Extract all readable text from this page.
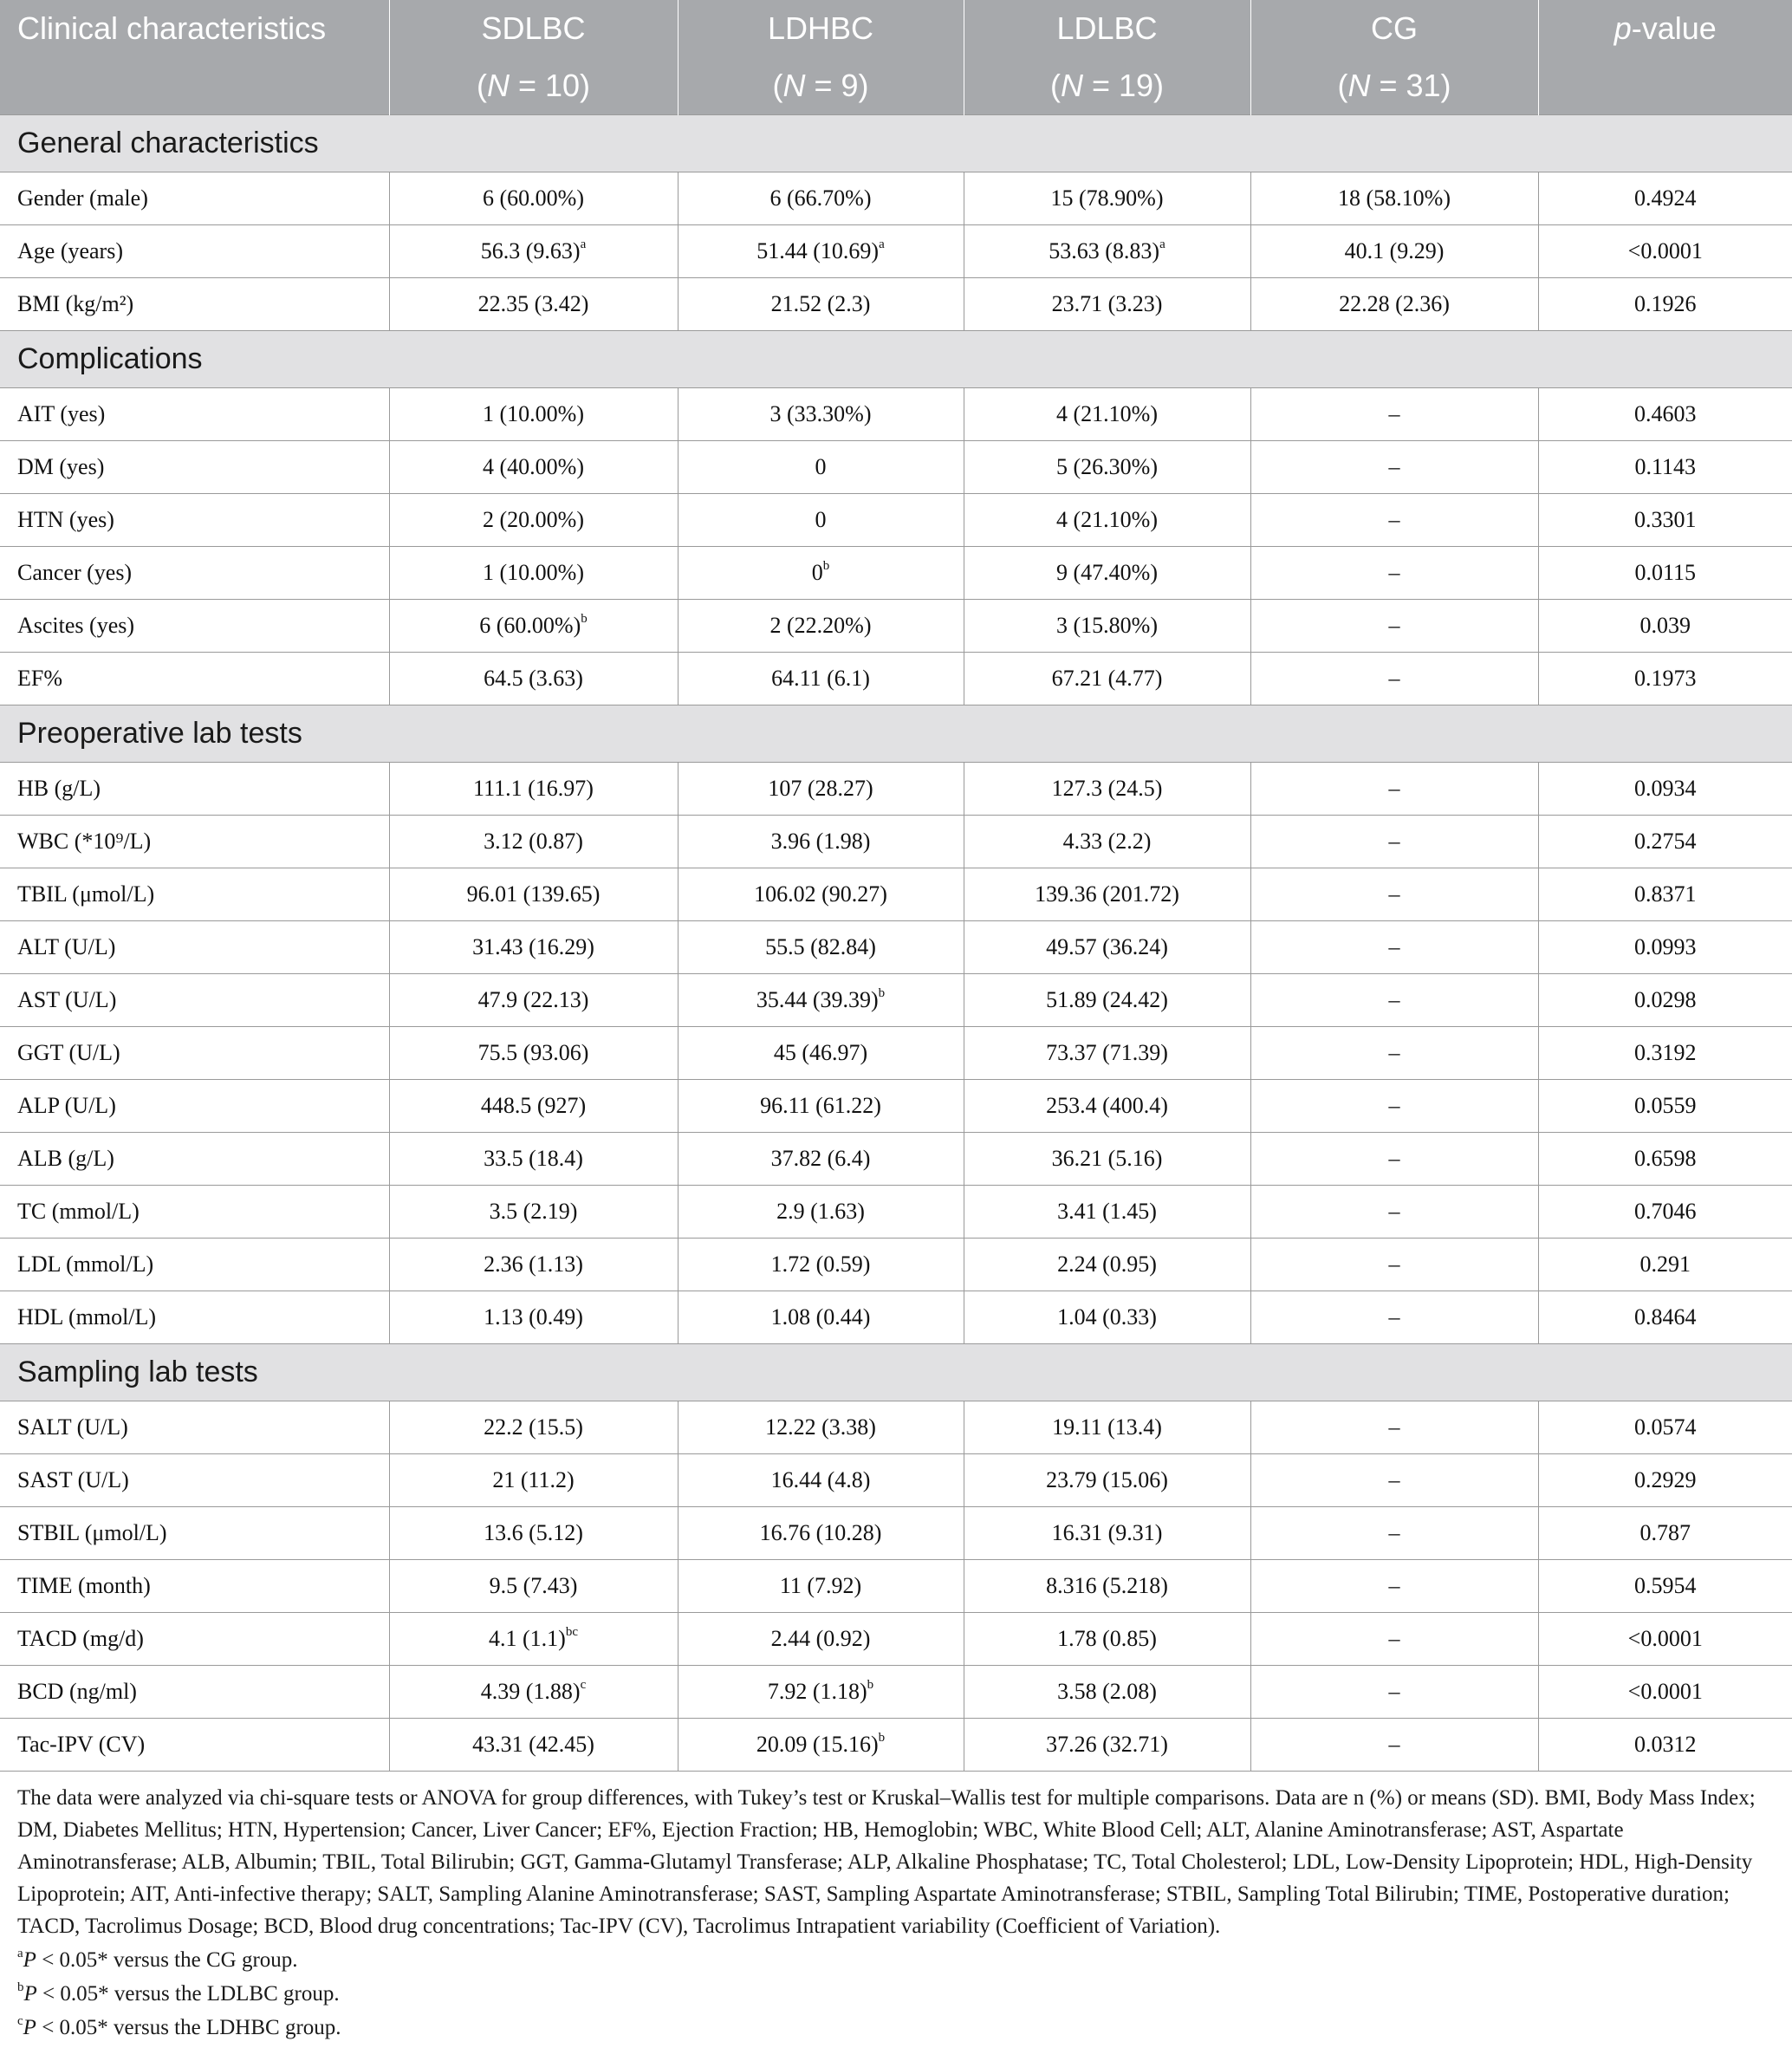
Clinical characteristics	SDLBC	LDHBC	LDLBC	CG	p-value
	(N = 10)	(N = 9)	(N = 19)	(N = 31)	
General characteristics					
Gender (male)	6 (60.00%)	6 (66.70%)	15 (78.90%)	18 (58.10%)	0.4924
Age (years)	56.3 $(9.63)^a$	51.44 $(10.69)^a$	53.63 $(8.83)^a$	40.1 (9.29)	<0.0001
BMI (kg/m²)	22.35 (3.42)	21.52 (2.3)	23.71 (3.23)	22.28 (2.36)	0.1926
Complications					
AIT (yes)	1 (10.00%)	3 (33.30%)	4 (21.10%)	–	0.4603
DM (yes)	4 (40.00%)	0	5 (26.30%)	–	0.1143
HTN (yes)	2 (20.00%)	0	4 (21.10%)	–	0.3301
Cancer (yes)	1 (10.00%)	0$^b$	9 (47.40%)	–	0.0115
Ascites (yes)	6 $(60.00\%)^b$	2 (22.20%)	3 (15.80%)	–	0.039
EF%	64.5 (3.63)	64.11 (6.1)	67.21 (4.77)	–	0.1973
Preoperative lab tests					
HB (g/L)	111.1 (16.97)	107 (28.27)	127.3 (24.5)	–	0.0934
WBC (*10⁹/L)	3.12 (0.87)	3.96 (1.98)	4.33 (2.2)	–	0.2754
TBIL (μmol/L)	96.01 (139.65)	106.02 (90.27)	139.36 (201.72)	–	0.8371
ALT (U/L)	31.43 (16.29)	55.5 (82.84)	49.57 (36.24)	–	0.0993
AST (U/L)	47.9 (22.13)	35.44 $(39.39)^b$	51.89 (24.42)	–	0.0298
GGT (U/L)	75.5 (93.06)	45 (46.97)	73.37 (71.39)	–	0.3192
ALP (U/L)	448.5 (927)	96.11 (61.22)	253.4 (400.4)	–	0.0559
ALB (g/L)	33.5 (18.4)	37.82 (6.4)	36.21 (5.16)	–	0.6598
TC (mmol/L)	3.5 (2.19)	2.9 (1.63)	3.41 (1.45)	–	0.7046
LDL (mmol/L)	2.36 (1.13)	1.72 (0.59)	2.24 (0.95)	–	0.291
HDL (mmol/L)	1.13 (0.49)	1.08 (0.44)	1.04 (0.33)	–	0.8464
Sampling lab tests					
SALT (U/L)	22.2 (15.5)	12.22 (3.38)	19.11 (13.4)	–	0.0574
SAST (U/L)	21 (11.2)	16.44 (4.8)	23.79 (15.06)	–	0.2929
STBIL (μmol/L)	13.6 (5.12)	16.76 (10.28)	16.31 (9.31)	–	0.787
TIME (month)	9.5 (7.43)	11 (7.92)	8.316 (5.218)	–	0.5954
TACD (mg/d)	4.1 $(1.1)^{bc}$	2.44 (0.92)	1.78 (0.85)	–	<0.0001
BCD (ng/ml)	4.39 $(1.88)^c$	7.92 $(1.18)^b$	3.58 (2.08)	–	<0.0001
Tac-IPV (CV)	43.31 (42.45)	20.09 $(15.16)^b$	37.26 (32.71)	–	0.0312

The data were analyzed via chi-square tests or ANOVA for group differences, with Tukey’s test or Kruskal–Wallis test for multiple comparisons. Data are n (%) or means (SD). BMI, Body Mass Index; DM, Diabetes Mellitus; HTN, Hypertension; Cancer, Liver Cancer; EF%, Ejection Fraction; HB, Hemoglobin; WBC, White Blood Cell; ALT, Alanine Aminotransferase; AST, Aspartate Aminotransferase; ALB, Albumin; TBIL, Total Bilirubin; GGT, Gamma-Glutamyl Transferase; ALP, Alkaline Phosphatase; TC, Total Cholesterol; LDL, Low-Density Lipoprotein; HDL, High-Density Lipoprotein; AIT, Anti-infective therapy; SALT, Sampling Alanine Aminotransferase; SAST, Sampling Aspartate Aminotransferase; STBIL, Sampling Total Bilirubin; TIME, Postoperative duration; TACD, Tacrolimus Dosage; BCD, Blood drug concentrations; Tac-IPV (CV), Tacrolimus Intrapatient variability (Coefficient of Variation).

$^a$P < 0.05* versus the CG group.

$^b$P < 0.05* versus the LDLBC group.

$^c$P < 0.05* versus the LDHBC group.
